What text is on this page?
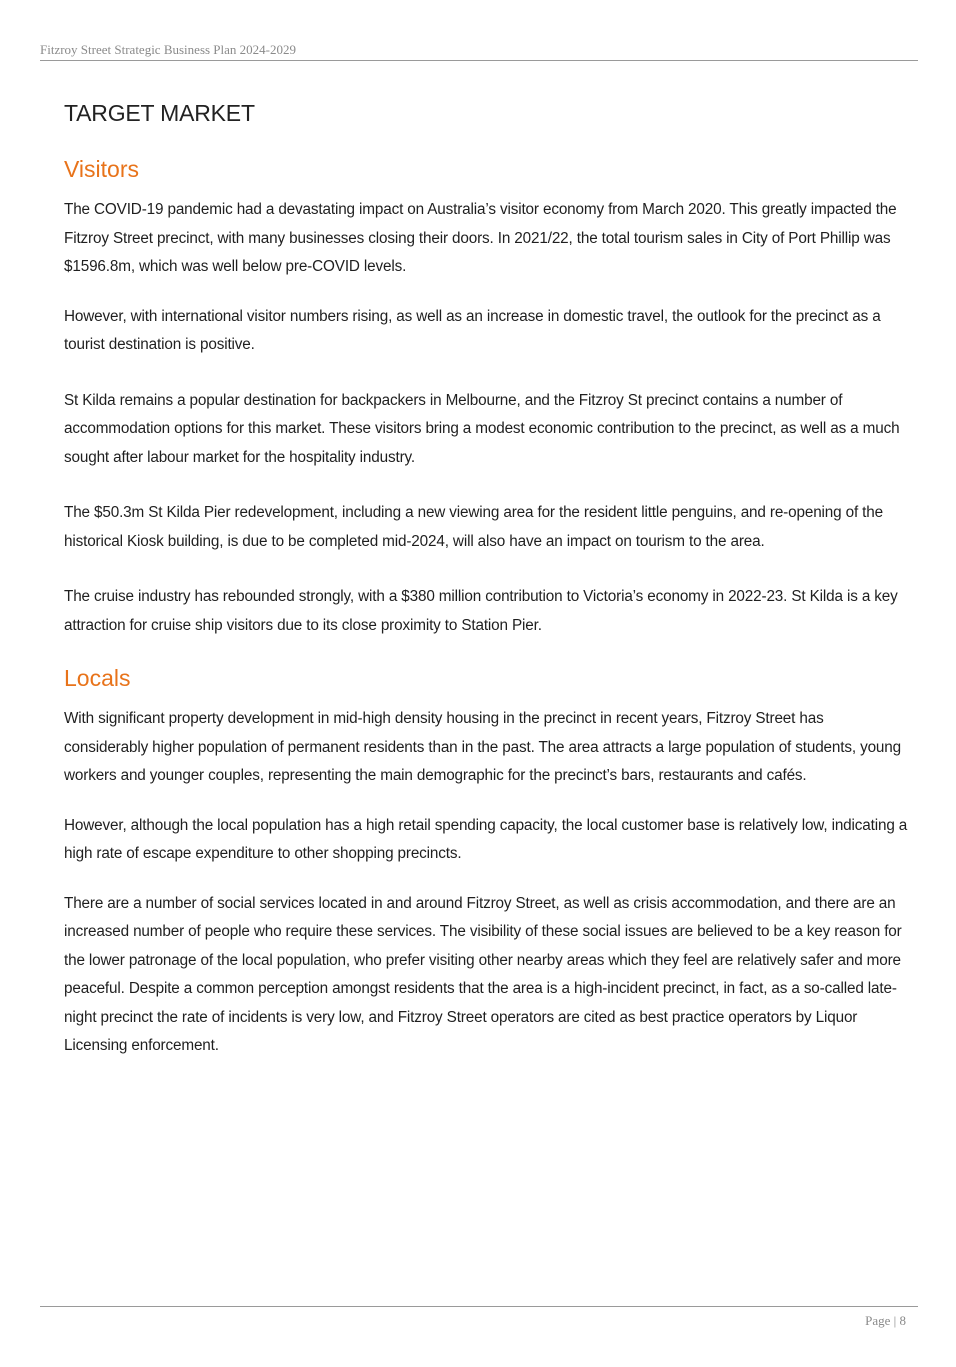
Fitzroy Street Strategic Business Plan 2024-2029
TARGET MARKET
Visitors

The COVID-19 pandemic had a devastating impact on Australia’s visitor economy from March 2020. This greatly impacted the Fitzroy Street precinct, with many businesses closing their doors. In 2021/22, the total tourism sales in City of Port Phillip was $1596.8m, which was well below pre-COVID levels.

However, with international visitor numbers rising, as well as an increase in domestic travel, the outlook for the precinct as a tourist destination is positive.

St Kilda remains a popular destination for backpackers in Melbourne, and the Fitzroy St precinct contains a number of accommodation options for this market. These visitors bring a modest economic contribution to the precinct, as well as a much sought after labour market for the hospitality industry.

The $50.3m St Kilda Pier redevelopment, including a new viewing area for the resident little penguins, and re-opening of the historical Kiosk building, is due to be completed mid-2024, will also have an impact on tourism to the area.

The cruise industry has rebounded strongly, with a $380 million contribution to Victoria’s economy in 2022-23. St Kilda is a key attraction for cruise ship visitors due to its close proximity to Station Pier.

Locals

With significant property development in mid-high density housing in the precinct in recent years, Fitzroy Street has considerably higher population of permanent residents than in the past. The area attracts a large population of students, young workers and younger couples, representing the main demographic for the precinct’s bars, restaurants and cafés.

However, although the local population has a high retail spending capacity, the local customer base is relatively low, indicating a high rate of escape expenditure to other shopping precincts.

There are a number of social services located in and around Fitzroy Street, as well as crisis accommodation, and there are an increased number of people who require these services. The visibility of these social issues are believed to be a key reason for the lower patronage of the local population, who prefer visiting other nearby areas which they feel are relatively safer and more peaceful. Despite a common perception amongst residents that the area is a high-incident precinct, in fact, as a so-called late-night precinct the rate of incidents is very low, and Fitzroy Street operators are cited as best practice operators by Liquor Licensing enforcement.

Page | 8
